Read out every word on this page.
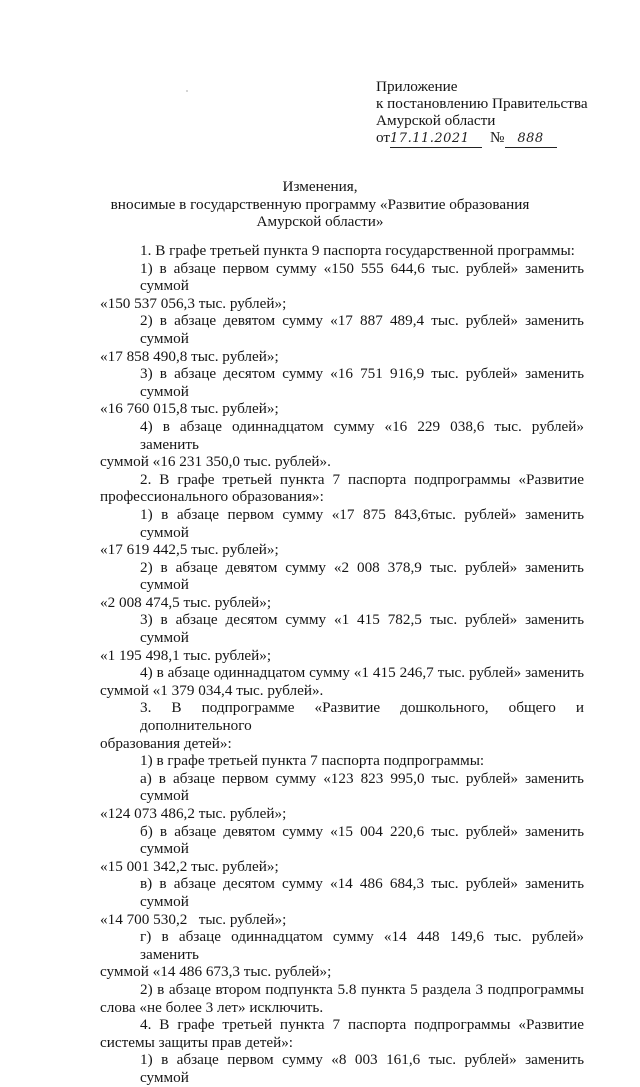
Приложение
к постановлению Правительства
Амурской области
от17.11.2021 № 888
Изменения,
вносимые в государственную программу «Развитие образования
Амурской области»
1. В графе третьей пункта 9 паспорта государственной программы:
1) в абзаце первом сумму «150 555 644,6 тыс. рублей» заменить суммой
«150 537 056,3 тыс. рублей»;
2) в абзаце девятом сумму «17 887 489,4 тыс. рублей» заменить суммой
«17 858 490,8 тыс. рублей»;
3) в абзаце десятом сумму «16 751 916,9 тыс. рублей» заменить суммой
«16 760 015,8 тыс. рублей»;
4) в абзаце одиннадцатом сумму «16 229 038,6 тыс. рублей» заменить
суммой «16 231 350,0 тыс. рублей».
2. В графе третьей пункта 7 паспорта подпрограммы «Развитие
профессионального образования»:
1) в абзаце первом сумму «17 875 843,6тыс. рублей» заменить суммой
«17 619 442,5 тыс. рублей»;
2) в абзаце девятом сумму «2 008 378,9 тыс. рублей» заменить суммой
«2 008 474,5 тыс. рублей»;
3) в абзаце десятом сумму «1 415 782,5 тыс. рублей» заменить суммой
«1 195 498,1 тыс. рублей»;
4) в абзаце одиннадцатом сумму «1 415 246,7 тыс. рублей» заменить
суммой «1 379 034,4 тыс. рублей».
3. В подпрограмме «Развитие дошкольного, общего и дополнительного
образования детей»:
1) в графе третьей пункта 7 паспорта подпрограммы:
а) в абзаце первом сумму «123 823 995,0 тыс. рублей» заменить суммой
«124 073 486,2 тыс. рублей»;
б) в абзаце девятом сумму «15 004 220,6 тыс. рублей» заменить суммой
«15 001 342,2 тыс. рублей»;
в) в абзаце десятом сумму «14 486 684,3 тыс. рублей» заменить суммой
«14 700 530,2   тыс. рублей»;
г) в абзаце одиннадцатом сумму «14 448 149,6 тыс. рублей» заменить
суммой «14 486 673,3 тыс. рублей»;
2) в абзаце втором подпункта 5.8 пункта 5 раздела 3 подпрограммы
слова «не более 3 лет» исключить.
4. В графе третьей пункта 7 паспорта подпрограммы «Развитие
системы защиты прав детей»:
1) в абзаце первом сумму «8 003 161,6 тыс. рублей» заменить суммой
